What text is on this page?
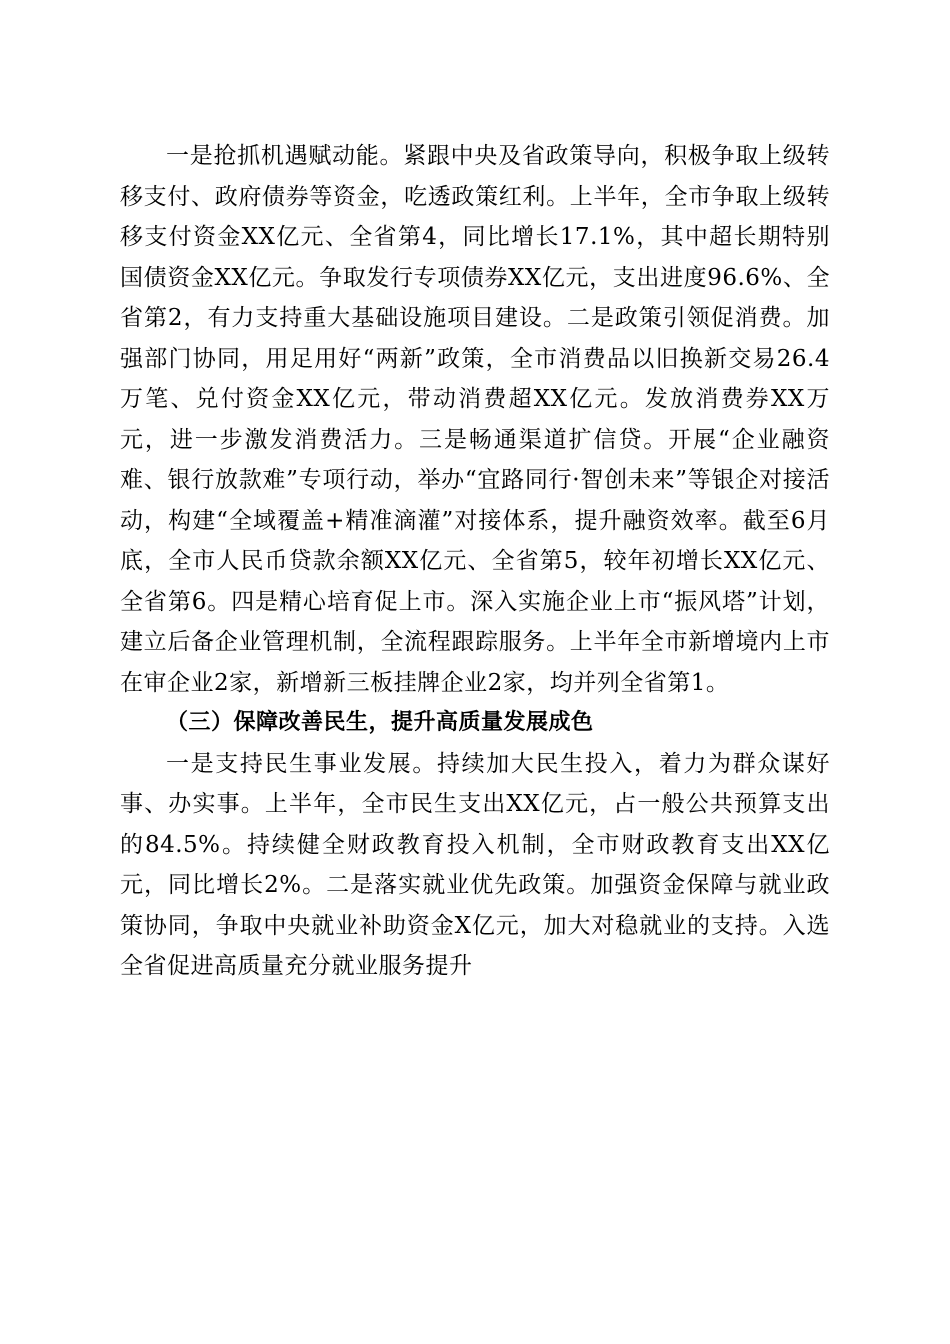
一是抢抓机遇赋动能。紧跟中央及省政策导向，积极争取上级转移支付、政府债券等资金，吃透政策红利。上半年，全市争取上级转移支付资金XX亿元、全省第4，同比增长17.1%，其中超长期特别国债资金XX亿元。争取发行专项债券XX亿元，支出进度96.6%、全省第2，有力支持重大基础设施项目建设。二是政策引领促消费。加强部门协同，用足用好“两新”政策，全市消费品以旧换新交易26.4万笔、兑付资金XX亿元，带动消费超XX亿元。发放消费券XX万元，进一步激发消费活力。三是畅通渠道扩信贷。开展“企业融资难、银行放款难”专项行动，举办“宜路同行·智创未来”等银企对接活动，构建“全域覆盖+精准滴灌”对接体系，提升融资效率。截至6月底，全市人民币贷款余额XX亿元、全省第5，较年初增长XX亿元、全省第6。四是精心培育促上市。深入实施企业上市“振风塔”计划，建立后备企业管理机制，全流程跟踪服务。上半年全市新增境内上市在审企业2家，新增新三板挂牌企业2家，均并列全省第1。

（三）保障改善民生，提升高质量发展成色

一是支持民生事业发展。持续加大民生投入，着力为群众谋好事、办实事。上半年，全市民生支出XX亿元，占一般公共预算支出的84.5%。持续健全财政教育投入机制，全市财政教育支出XX亿元，同比增长2%。二是落实就业优先政策。加强资金保障与就业政策协同，争取中央就业补助资金X亿元，加大对稳就业的支持。入选全省促进高质量充分就业服务提升
